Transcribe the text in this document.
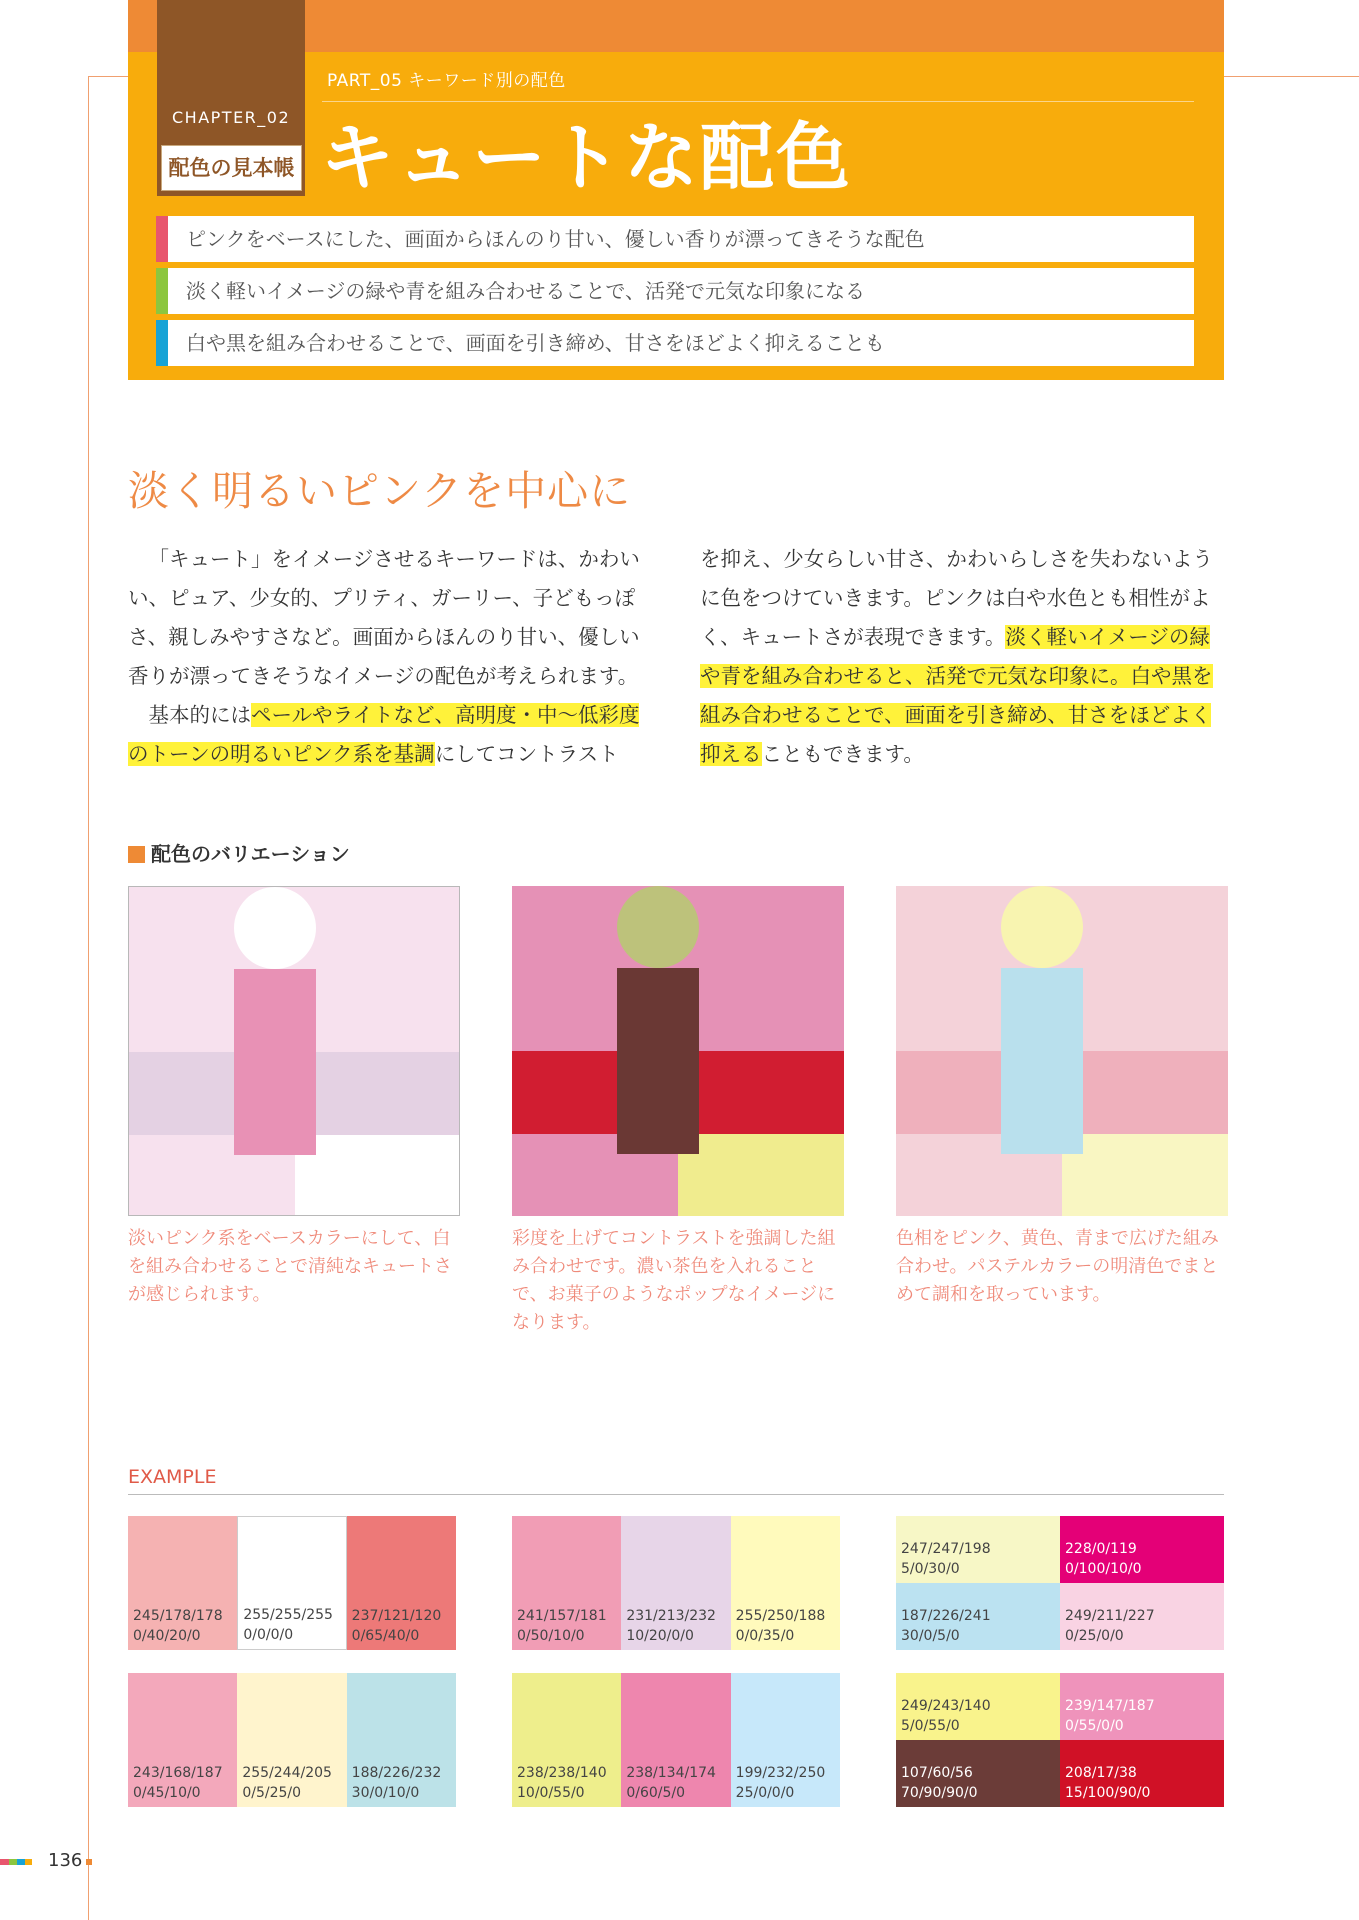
CHAPTER_02
配色の見本帳
PART_05 キーワード別の配色
キュートな配色
ピンクをベースにした、画面からほんのり甘い、優しい香りが漂ってきそうな配色
淡く軽いイメージの緑や青を組み合わせることで、活発で元気な印象になる
白や黒を組み合わせることで、画面を引き締め、甘さをほどよく抑えることも
淡く明るいピンクを中心に

「キュート」をイメージさせるキーワードは、かわいい、ピュア、少女的、プリティ、ガーリー、子どもっぽさ、親しみやすさなど。画面からほんのり甘い、優しい香りが漂ってきそうなイメージの配色が考えられます。

基本的にはペールやライトなど、高明度・中〜低彩度のトーンの明るいピンク系を基調にしてコントラスト

を抑え、少女らしい甘さ、かわいらしさを失わないように色をつけていきます。ピンクは白や水色とも相性がよく、キュートさが表現できます。淡く軽いイメージの緑や青を組み合わせると、活発で元気な印象に。白や黒を組み合わせることで、画面を引き締め、甘さをほどよく抑えることもできます。

配色のバリエーション
淡いピンク系をベースカラーにして、白を組み合わせることで清純なキュートさが感じられます。
彩度を上げてコントラストを強調した組み合わせです。濃い茶色を入れることで、お菓子のようなポップなイメージになります。
色相をピンク、黄色、青まで広げた組み合わせ。パステルカラーの明清色でまとめて調和を取っています。
EXAMPLE
245/178/178
0/40/20/0
255/255/255
0/0/0/0
237/121/120
0/65/40/0
241/157/181
0/50/10/0
231/213/232
10/20/0/0
255/250/188
0/0/35/0
247/247/198
5/0/30/0
228/0/119
0/100/10/0
187/226/241
30/0/5/0
249/211/227
0/25/0/0
243/168/187
0/45/10/0
255/244/205
0/5/25/0
188/226/232
30/0/10/0
238/238/140
10/0/55/0
238/134/174
0/60/5/0
199/232/250
25/0/0/0
249/243/140
5/0/55/0
239/147/187
0/55/0/0
107/60/56
70/90/90/0
208/17/38
15/100/90/0
136
